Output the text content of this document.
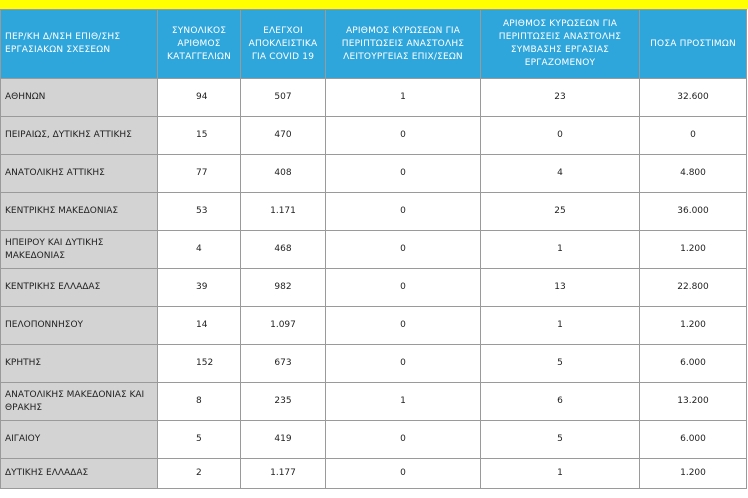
ΠΕΡ/ΚΗ Δ/ΝΣΗ ΕΠΙΘ/ΣΗΣ ΕΡΓΑΣΙΑΚΩΝ ΣΧΕΣΕΩΝ	ΣΥΝΟΛΙΚΟΣ ΑΡΙΘΜΟΣ ΚΑΤΑΓΓΕΛΙΩΝ	ΕΛΕΓΧΟΙ ΑΠΟΚΛΕΙΣΤΙΚΑ ΓΙΑ COVID 19	ΑΡΙΘΜΟΣ ΚΥΡΩΣΕΩΝ ΓΙΑ ΠΕΡΙΠΤΩΣΕΙΣ ΑΝΑΣΤΟΛΗΣ ΛΕΙΤΟΥΡΓΕΙΑΣ ΕΠΙΧ/ΣΕΩΝ	ΑΡΙΘΜΟΣ ΚΥΡΩΣΕΩΝ ΓΙΑ ΠΕΡΙΠΤΩΣΕΙΣ ΑΝΑΣΤΟΛΗΣ ΣΥΜΒΑΣΗΣ ΕΡΓΑΣΙΑΣ ΕΡΓΑΖΟΜΕΝΟΥ	ΠΟΣΑ ΠΡΟΣΤΙΜΩΝ
ΑΘΗΝΩΝ	94	507	1	23	32.600
ΠΕΙΡΑΙΩΣ, ΔΥΤΙΚΗΣ ΑΤΤΙΚΗΣ	15	470	0	0	0
ΑΝΑΤΟΛΙΚΗΣ ΑΤΤΙΚΗΣ	77	408	0	4	4.800
ΚΕΝΤΡΙΚΗΣ ΜΑΚΕΔΟΝΙΑΣ	53	1.171	0	25	36.000
ΗΠΕΙΡΟΥ ΚΑΙ ΔΥΤΙΚΗΣ ΜΑΚΕΔΟΝΙΑΣ	4	468	0	1	1.200
ΚΕΝΤΡΙΚΗΣ ΕΛΛΑΔΑΣ	39	982	0	13	22.800
ΠΕΛΟΠΟΝΝΗΣΟΥ	14	1.097	0	1	1.200
ΚΡΗΤΗΣ	152	673	0	5	6.000
ΑΝΑΤΟΛΙΚΗΣ ΜΑΚΕΔΟΝΙΑΣ ΚΑΙ ΘΡΑΚΗΣ	8	235	1	6	13.200
ΑΙΓΑΙΟΥ	5	419	0	5	6.000
ΔΥΤΙΚΗΣ ΕΛΛΑΔΑΣ	2	1.177	0	1	1.200
